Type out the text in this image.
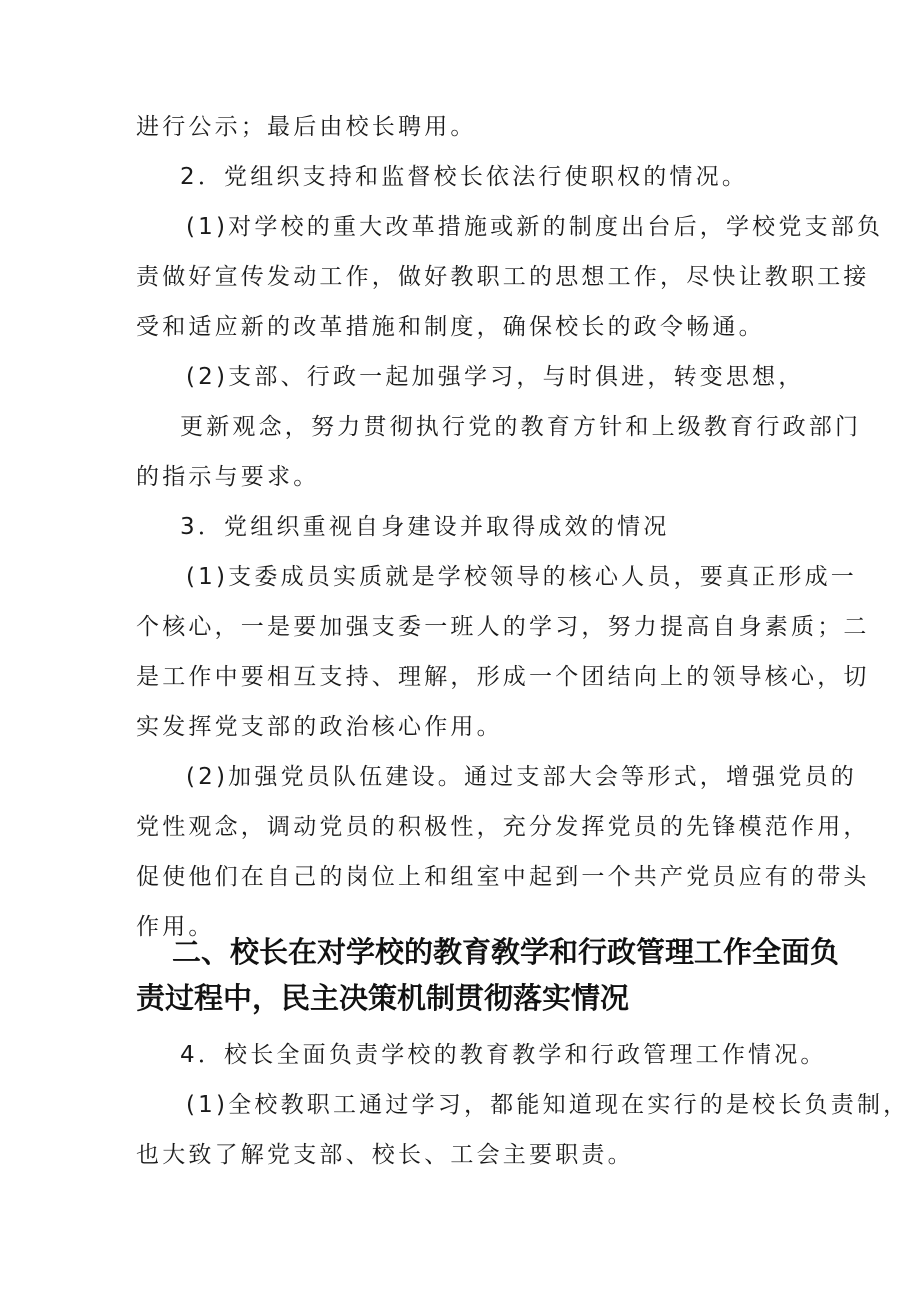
进行公示；最后由校长聘用。
2．党组织支持和监督校长依法行使职权的情况。
(1)对学校的重大改革措施或新的制度出台后，学校党支部负
责做好宣传发动工作，做好教职工的思想工作，尽快让教职工接
受和适应新的改革措施和制度，确保校长的政令畅通。
(2)支部、行政一起加强学习，与时俱进，转变思想，
更新观念，努力贯彻执行党的教育方针和上级教育行政部门
的指示与要求。
3．党组织重视自身建设并取得成效的情况
(1)支委成员实质就是学校领导的核心人员，要真正形成一
个核心，一是要加强支委一班人的学习，努力提高自身素质；二
是工作中要相互支持、理解，形成一个团结向上的领导核心，切
实发挥党支部的政治核心作用。
(2)加强党员队伍建设。通过支部大会等形式，增强党员的
党性观念，调动党员的积极性，充分发挥党员的先锋模范作用，
促使他们在自己的岗位上和组室中起到一个共产党员应有的带头
作用。
二、校长在对学校的教育敎学和行政管理工作全面负
责过程中，民主决策机制贯彻落实情况
4．校长全面负责学校的教育教学和行政管理工作情况。
(1)全校教职工通过学习，都能知道现在实行的是校长负责制，
也大致了解党支部、校长、工会主要职责。
